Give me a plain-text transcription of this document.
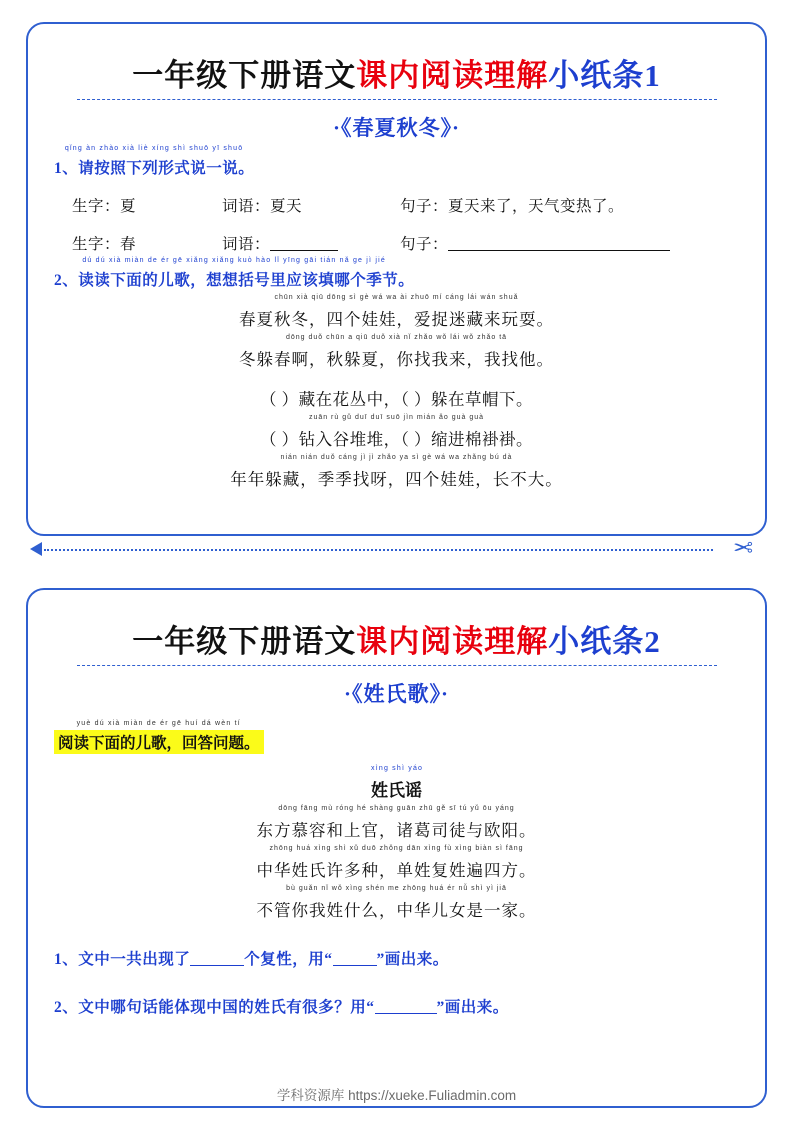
一年级下册语文课内阅读理解小纸条1
·《春夏秋冬》·
qǐng àn zhào xià liè xíng shì shuō yī shuō
1、请按照下列形式说一说。
生字：夏	词语：夏天	句子：夏天来了，天气变热了。
生字：春	词语：	句子：
dú dú xià miàn de ér gē xiǎng xiǎng kuò hào lǐ yīng gāi tián nǎ ge jì jié
2、读读下面的儿歌，想想括号里应该填哪个季节。
chūn xià qiū dōng sì gè wá wa ài zhuō mí cáng lái wán shuǎ
春夏秋冬，四个娃娃，爱捉迷藏来玩耍。
dōng duǒ chūn a qiū duǒ xià nǐ zhǎo wǒ lái wǒ zhǎo tā
冬躲春啊，秋躲夏，你找我来，我找他。
（ ）藏在花丛中，（ ）躲在草帽下。
zuān rù gǔ duī duī suō jìn mián ǎo guà guà
（ ）钻入谷堆堆，（ ）缩进棉褂褂。
nián nián duǒ cáng jì jì zhǎo ya sì gè wá wa zhǎng bú dà
年年躲藏，季季找呀，四个娃娃，长不大。
✂
一年级下册语文课内阅读理解小纸条2
·《姓氏歌》·
yuè dú xià miàn de ér gē huí dá wèn tí
阅读下面的儿歌，回答问题。
xìng shì yáo
姓氏谣
dōng fāng mù róng hé shàng guān zhū gě sī tú yǔ ōu yáng
东方慕容和上官，诸葛司徒与欧阳。
zhōng huá xìng shì xǔ duō zhǒng dān xìng fù xìng biàn sì fāng
中华姓氏许多种，单姓复姓遍四方。
bù guǎn nǐ wǒ xìng shén me zhōng huá ér nǚ shì yì jiā
不管你我姓什么，中华儿女是一家。
1、文中一共出现了	个复性，用“	”画出来。
2、文中哪句话能体现中国的姓氏有很多？用“	”画出来。
学科资源库 https://xueke.Fuliadmin.com
